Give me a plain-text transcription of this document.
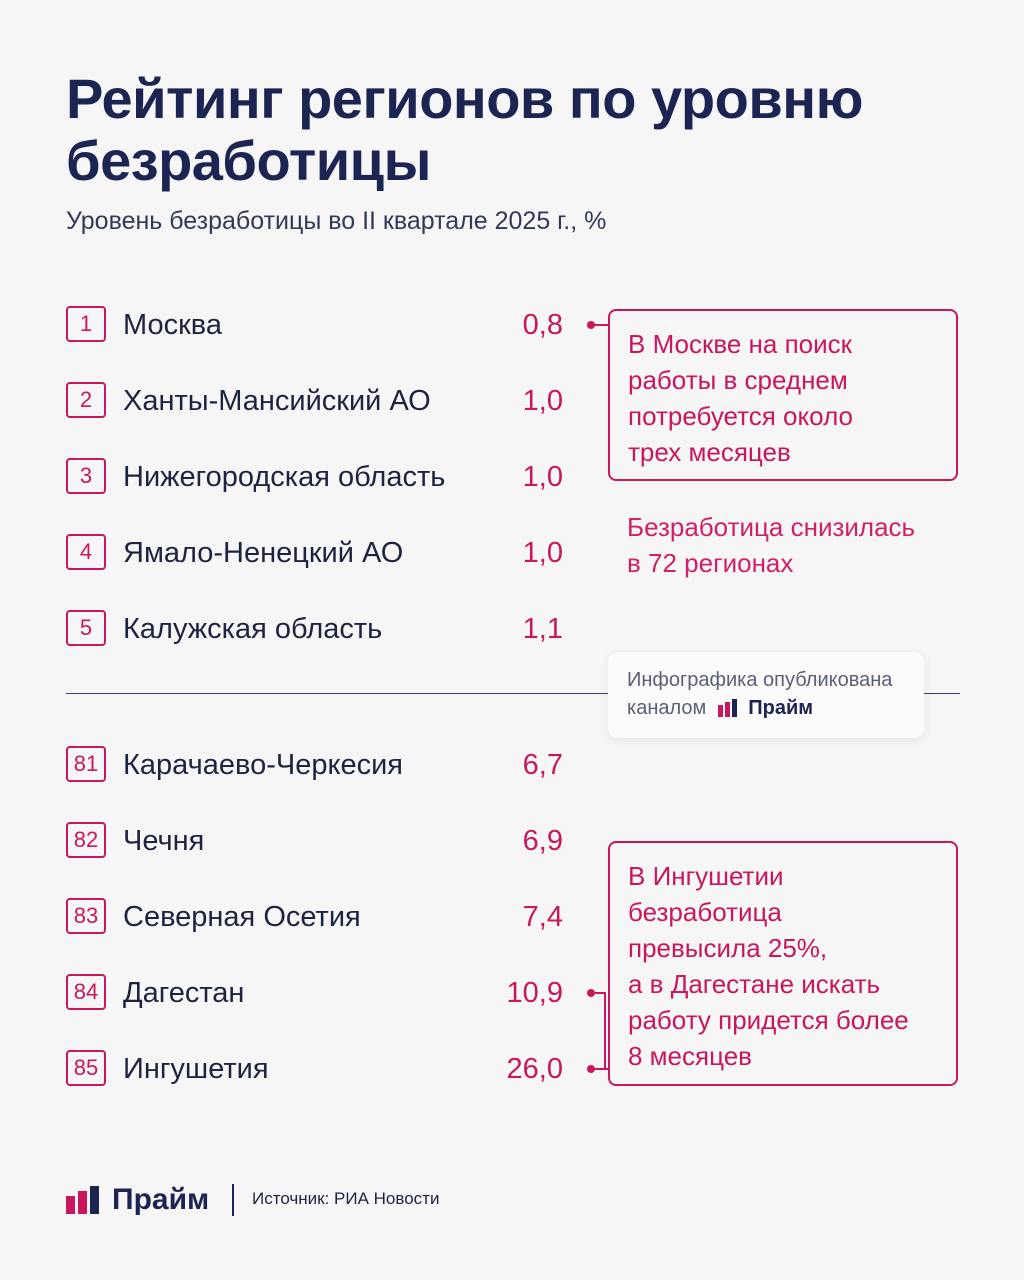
Рейтинг регионов по уровню безработицы
Уровень безработицы во II квартале 2025 г., %
1	Москва	0,8
2	Ханты-Мансийский АО	1,0
3	Нижегородская область	1,0
4	Ямало-Ненецкий АО	1,0
5	Калужская область	1,1
81 Карачаево-Черкесия	6,7
82 Чечня	6,9
83 Северная Осетия	7,4
84 Дагестан	10,9
85 Ингушетия	26,0
В Москве на поиск
работы в среднем
потребуется около
трех месяцев
Безработица снизилась
в 72 регионах
Инфографика опубликована
каналом Прайм
В Ингушетии
безработица
превысила 25%,
а в Дагестане искать
работу придется более
8 месяцев
Прайм	Источник: РИА Новости
